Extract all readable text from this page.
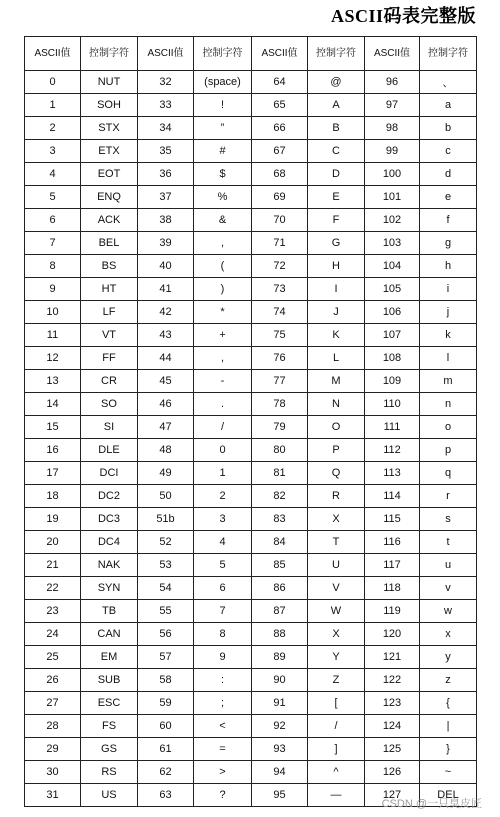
ASCII码表完整版
ASCII值	控制字符	ASCII值	控制字符	ASCII值	控制字符	ASCII值	控制字符
0	NUT	32	(space)	64	@	96	、
1	SOH	33	!	65	A	97	a
2	STX	34	”	66	B	98	b
3	ETX	35	#	67	C	99	c
4	EOT	36	$	68	D	100	d
5	ENQ	37	%	69	E	101	e
6	ACK	38	&	70	F	102	f
7	BEL	39	,	71	G	103	g
8	BS	40	(	72	H	104	h
9	HT	41	)	73	I	105	i
10	LF	42	*	74	J	106	j
11	VT	43	+	75	K	107	k
12	FF	44	,	76	L	108	l
13	CR	45	-	77	M	109	m
14	SO	46	.	78	N	110	n
15	SI	47	/	79	O	111	o
16	DLE	48	0	80	P	112	p
17	DCI	49	1	81	Q	113	q
18	DC2	50	2	82	R	114	r
19	DC3	51b	3	83	X	115	s
20	DC4	52	4	84	T	116	t
21	NAK	53	5	85	U	117	u
22	SYN	54	6	86	V	118	v
23	TB	55	7	87	W	119	w
24	CAN	56	8	88	X	120	x
25	EM	57	9	89	Y	121	y
26	SUB	58	:	90	Z	122	z
27	ESC	59	;	91	[	123	{
28	FS	60	<	92	/	124	|
29	GS	61	=	93	]	125	}
30	RS	62	>	94	^	126	~
31	US	63	?	95	—	127	DEL
CSDN @一只臭皮匠
